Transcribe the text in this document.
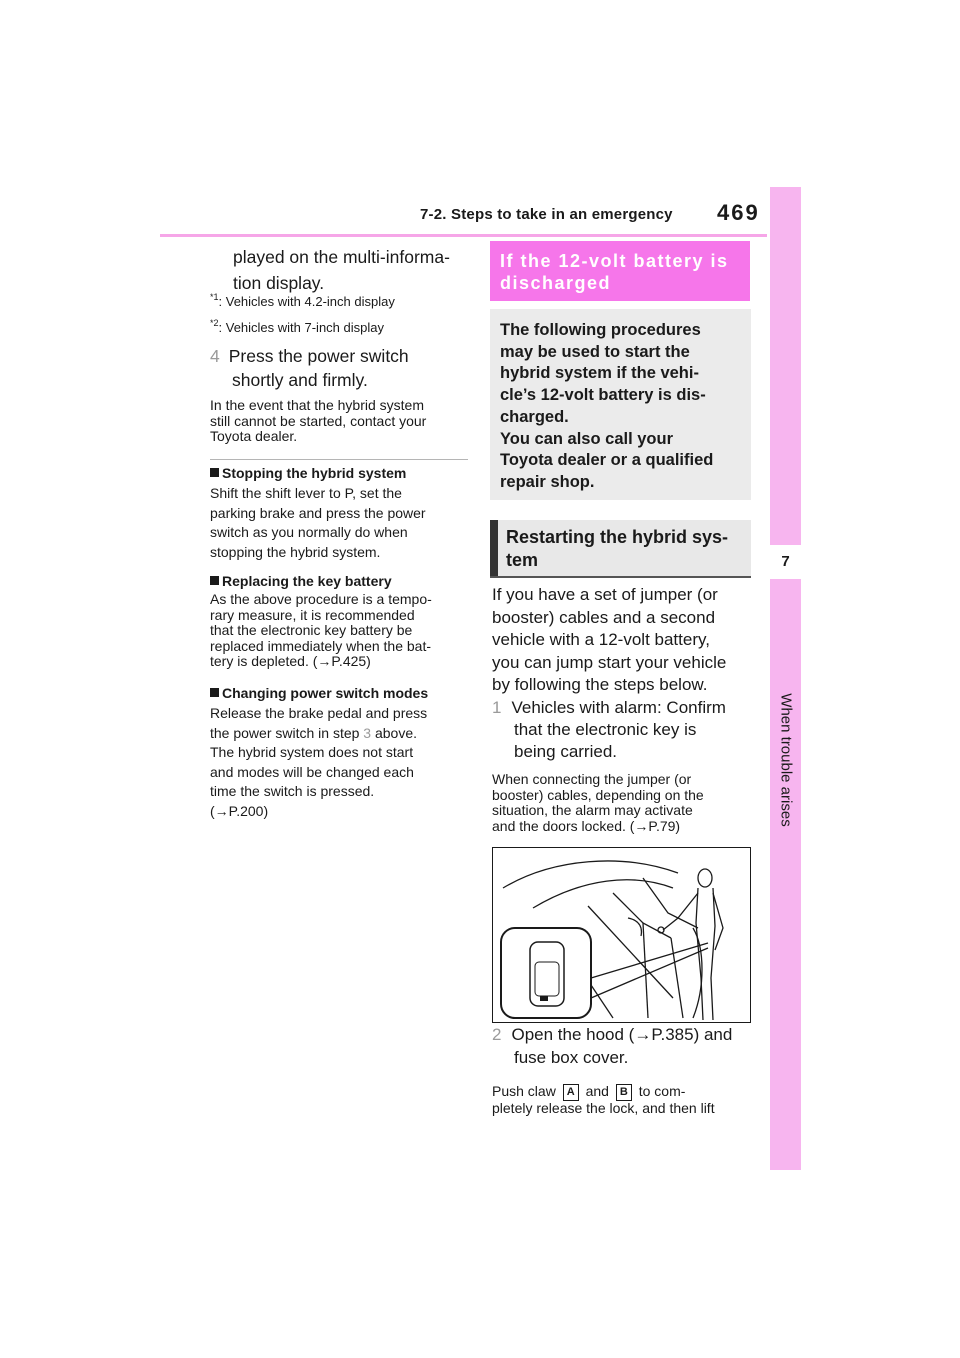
7-2. Steps to take in an emergency 469
7
When trouble arises
played on the multi-informa-
tion display.
$^{*1}$: Vehicles with 4.2-inch display
$^{*2}$: Vehicles with 7-inch display
4 Press the power switch
shortly and firmly.
In the event that the hybrid system
still cannot be started, contact your
Toyota dealer.
Stopping the hybrid system
Shift the shift lever to P, set the
parking brake and press the power
switch as you normally do when
stopping the hybrid system.
Replacing the key battery
As the above procedure is a tempo-
rary measure, it is recommended
that the electronic key battery be
replaced immediately when the bat-
tery is depleted. (→P.425)
Changing power switch modes
Release the brake pedal and press
the power switch in step 3 above.
The hybrid system does not start
and modes will be changed each
time the switch is pressed.
(→P.200)
If the 12-volt battery is
discharged
The following procedures
may be used to start the
hybrid system if the vehi-
cle’s 12-volt battery is dis-
charged.
You can also call your
Toyota dealer or a qualified
repair shop.
Restarting the hybrid sys-
tem
If you have a set of jumper (or
booster) cables and a second
vehicle with a 12-volt battery,
you can jump start your vehicle
by following the steps below.
1 Vehicles with alarm: Confirm
that the electronic key is
being carried.
When connecting the jumper (or
booster) cables, depending on the
situation, the alarm may activate
and the doors locked. (→P.79)
2 Open the hood (→P.385) and
fuse box cover.
Push claw A and B to com-
pletely release the lock, and then lift
